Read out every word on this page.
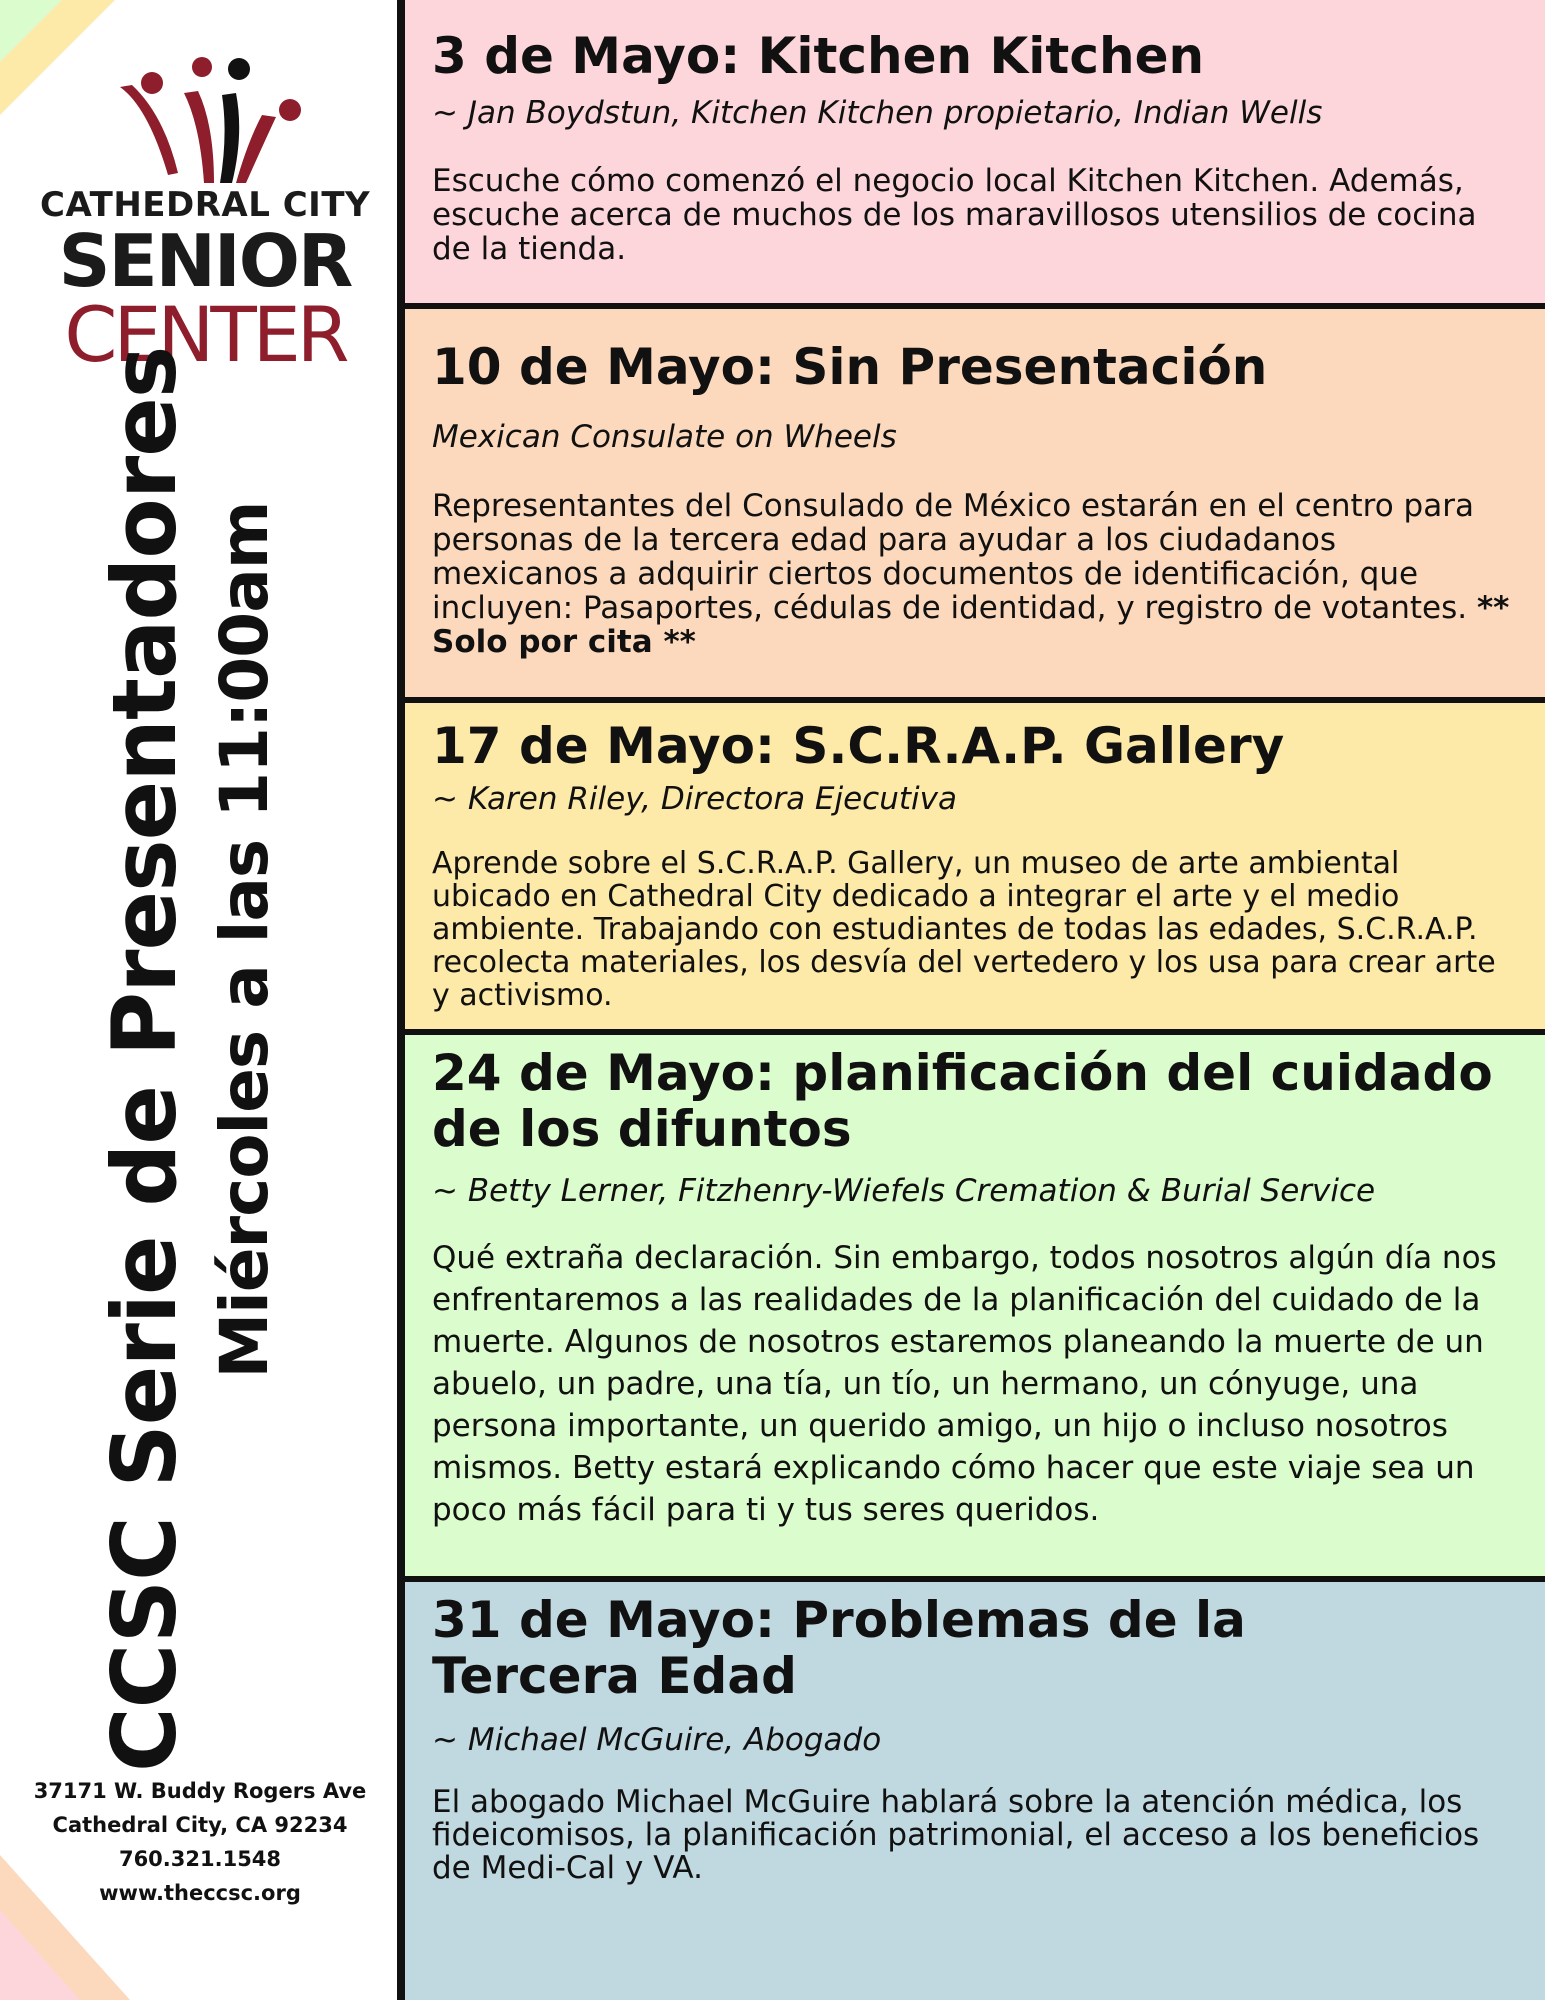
CATHEDRAL CITY
SENIOR
CENTER
CCSC Serie de Presentadores Miércoles a las 11:00am
37171 W. Buddy Rogers Ave
Cathedral City, CA 92234
760.321.1548
www.theccsc.org
3 de Mayo: Kitchen Kitchen

~ Jan Boydstun, Kitchen Kitchen propietario, Indian Wells

Escuche cómo comenzó el negocio local Kitchen Kitchen. Además, escuche acerca de muchos de los maravillosos utensilios de cocina de la tienda.

10 de Mayo: Sin Presentación

Mexican Consulate on Wheels

Representantes del Consulado de México estarán en el centro para personas de la tercera edad para ayudar a los ciudadanos mexicanos a adquirir ciertos documentos de identificación, que incluyen: Pasaportes, cédulas de identidad, y registro de votantes. ** Solo por cita **

17 de Mayo: S.C.R.A.P. Gallery

~ Karen Riley, Directora Ejecutiva

Aprende sobre el S.C.R.A.P. Gallery, un museo de arte ambiental ubicado en Cathedral City dedicado a integrar el arte y el medio ambiente. Trabajando con estudiantes de todas las edades, S.C.R.A.P. recolecta materiales, los desvía del vertedero y los usa para crear arte y activismo.

24 de Mayo: planificación del cuidado de los difuntos

~ Betty Lerner, Fitzhenry-Wiefels Cremation & Burial Service

Qué extraña declaración. Sin embargo, todos nosotros algún día nos enfrentaremos a las realidades de la planificación del cuidado de la muerte. Algunos de nosotros estaremos planeando la muerte de un abuelo, un padre, una tía, un tío, un hermano, un cónyuge, una persona importante, un querido amigo, un hijo o incluso nosotros mismos. Betty estará explicando cómo hacer que este viaje sea un poco más fácil para ti y tus seres queridos.

31 de Mayo: Problemas de la Tercera Edad

~ Michael McGuire, Abogado

El abogado Michael McGuire hablará sobre la atención médica, los fideicomisos, la planificación patrimonial, el acceso a los beneficios de Medi-Cal y VA.
